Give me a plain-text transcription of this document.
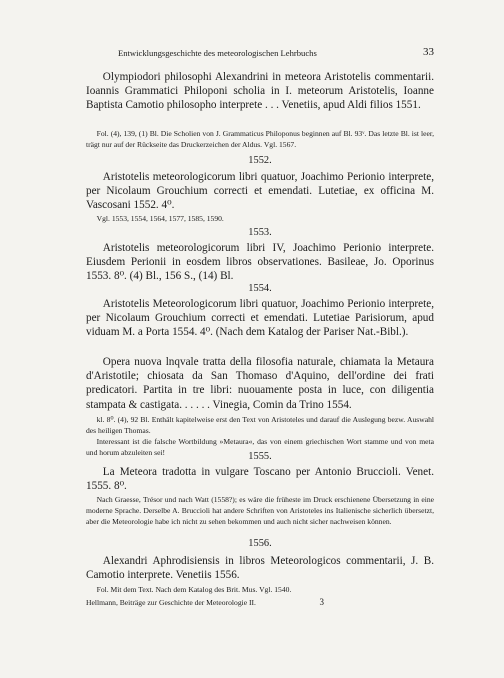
Entwicklungsgeschichte des meteorologischen Lehrbuchs	33

Olympiodori philosophi Alexandrini in meteora Aristotelis commentarii. Ioannis Grammatici Philoponi scholia in I. meteorum Aristotelis, Ioanne Baptista Camotio philosopho interprete . . . Venetiis, apud Aldi filios 1551.

Fol. (4), 139, (1) Bl. Die Scholien von J. Grammaticus Philoponus beginnen auf Bl. 93ᵛ. Das letzte Bl. ist leer, trägt nur auf der Rückseite das Druckerzeichen der Aldus. Vgl. 1567.

1552.

Aristotelis meteorologicorum libri quatuor, Joachimo Perionio interprete, per Nicolaum Grouchium correcti et emendati. Lutetiae, ex officina M. Vascosani 1552. 4⁰.

Vgl. 1553, 1554, 1564, 1577, 1585, 1590.

1553.

Aristotelis meteorologicorum libri IV, Joachimo Perionio interprete. Eiusdem Perionii in eosdem libros observationes. Basileae, Jo. Oporinus 1553. 8⁰. (4) Bl., 156 S., (14) Bl.

1554.

Aristotelis Meteorologicorum libri quatuor, Joachimo Perionio interprete, per Nicolaum Grouchium correcti et emendati. Lutetiae Parisiorum, apud viduam M. a Porta 1554. 4⁰. (Nach dem Katalog der Pariser Nat.-Bibl.).

Opera nuova lnqvale tratta della filosofia naturale, chiamata la Metaura d'Aristotile; chiosata da San Thomaso d'Aquino, dell'ordine dei frati predicatori. Partita in tre libri: nuouamente posta in luce, con diligentia stampata & castigata. . . . . . Vinegia, Comin da Trino 1554.

kl. 8⁰. (4), 92 Bl. Enthält kapitelweise erst den Text von Aristoteles und darauf die Auslegung bezw. Auswahl des heiligen Thomas.

Interessant ist die falsche Wortbildung »Metaura«, das von einem griechischen Wort stamme und von meta und horum abzuleiten sei!	1555.

La Meteora tradotta in vulgare Toscano per Antonio Bruccioli. Venet. 1555. 8⁰.

Nach Graesse, Trésor und nach Watt (1558?); es wäre die früheste im Druck erschienene Übersetzung in eine moderne Sprache. Derselbe A. Bruccioli hat andere Schriften von Aristoteles ins Italienische sicherlich übersetzt, aber die Meteorologie habe ich nicht zu sehen bekommen und auch nicht sicher nachweisen können.

1556.

Alexandri Aphrodisiensis in libros Meteorologicos commentarii, J. B. Camotio interprete. Venetiis 1556.

Fol. Mit dem Text. Nach dem Katalog des Brit. Mus. Vgl. 1540.

Hellmann, Beiträge zur Geschichte der Meteorologie II.	3
